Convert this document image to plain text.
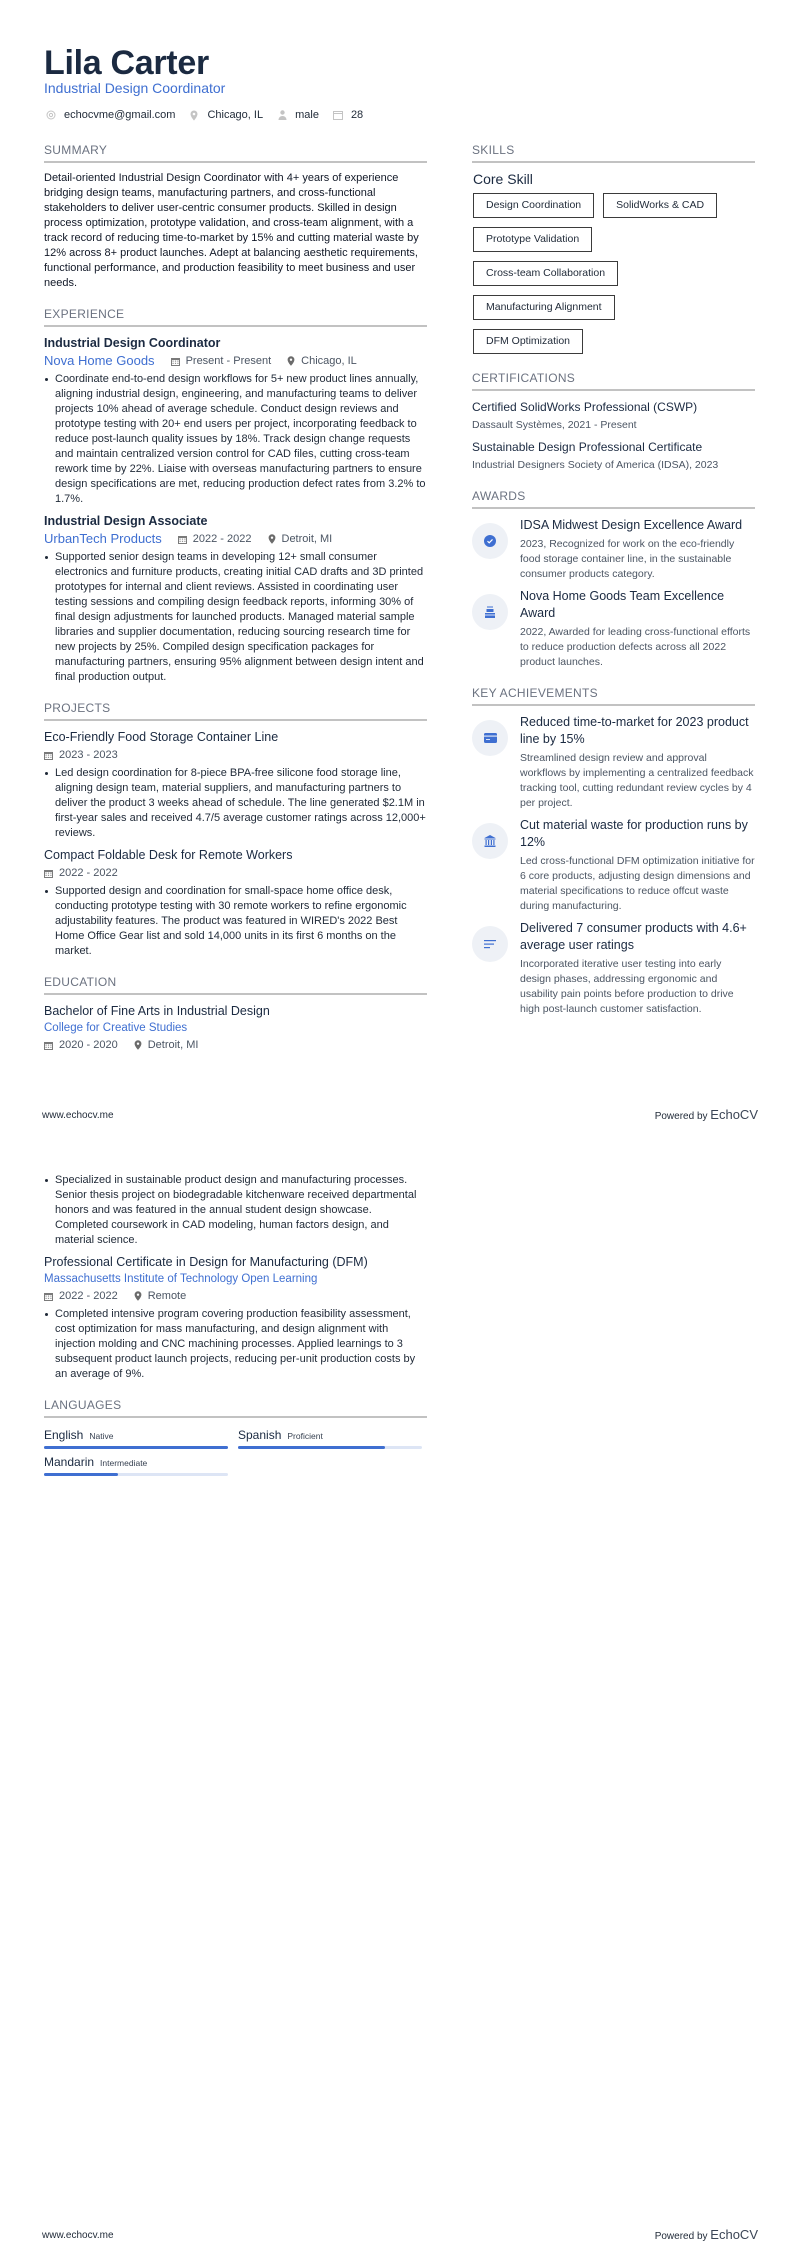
Lila Carter
Industrial Design Coordinator
echocvme@gmail.com	Chicago, IL	male	28
SUMMARY

Detail-oriented Industrial Design Coordinator with 4+ years of experience bridging design teams, manufacturing partners, and cross-functional stakeholders to deliver user-centric consumer products. Skilled in design process optimization, prototype validation, and cross-team alignment, with a track record of reducing time-to-market by 15% and cutting material waste by 12% across 8+ product launches. Adept at balancing aesthetic requirements, functional performance, and production feasibility to meet business and user needs.

EXPERIENCE
Industrial Design Coordinator
Nova Home Goods	Present - Present	Chicago, IL
Coordinate end-to-end design workflows for 5+ new product lines annually, aligning industrial design, engineering, and manufacturing teams to deliver projects 10% ahead of average schedule. Conduct design reviews and prototype testing with 20+ end users per project, incorporating feedback to reduce post-launch quality issues by 18%. Track design change requests and maintain centralized version control for CAD files, cutting cross-team rework time by 22%. Liaise with overseas manufacturing partners to ensure design specifications are met, reducing production defect rates from 3.2% to 1.7%.
Industrial Design Associate
UrbanTech Products	2022 - 2022	Detroit, MI
Supported senior design teams in developing 12+ small consumer electronics and furniture products, creating initial CAD drafts and 3D printed prototypes for internal and client reviews. Assisted in coordinating user testing sessions and compiling design feedback reports, informing 30% of final design adjustments for launched products. Managed material sample libraries and supplier documentation, reducing sourcing research time for new projects by 25%. Compiled design specification packages for manufacturing partners, ensuring 95% alignment between design intent and final production output.
PROJECTS
Eco-Friendly Food Storage Container Line
2023 - 2023
Led design coordination for 8-piece BPA-free silicone food storage line, aligning design team, material suppliers, and manufacturing partners to deliver the product 3 weeks ahead of schedule. The line generated $2.1M in first-year sales and received 4.7/5 average customer ratings across 12,000+ reviews.
Compact Foldable Desk for Remote Workers
2022 - 2022
Supported design and coordination for small-space home office desk, conducting prototype testing with 30 remote workers to refine ergonomic adjustability features. The product was featured in WIRED's 2022 Best Home Office Gear list and sold 14,000 units in its first 6 months on the market.
EDUCATION
Bachelor of Fine Arts in Industrial Design
College for Creative Studies
2020 - 2020	Detroit, MI
SKILLS
Core Skill
Design Coordination	SolidWorks & CAD
Prototype Validation
Cross-team Collaboration
Manufacturing Alignment
DFM Optimization
CERTIFICATIONS
Certified SolidWorks Professional (CSWP)
Dassault Systèmes, 2021 - Present
Sustainable Design Professional Certificate
Industrial Designers Society of America (IDSA), 2023
AWARDS
IDSA Midwest Design Excellence Award
2023, Recognized for work on the eco-friendly food storage container line, in the sustainable consumer products category.
Nova Home Goods Team Excellence Award
2022, Awarded for leading cross-functional efforts to reduce production defects across all 2022 product launches.
KEY ACHIEVEMENTS
Reduced time-to-market for 2023 product line by 15%
Streamlined design review and approval workflows by implementing a centralized feedback tracking tool, cutting redundant review cycles by 4 per project.
Cut material waste for production runs by 12%
Led cross-functional DFM optimization initiative for 6 core products, adjusting design dimensions and material specifications to reduce offcut waste during manufacturing.
Delivered 7 consumer products with 4.6+ average user ratings
Incorporated iterative user testing into early design phases, addressing ergonomic and usability pain points before production to drive high post-launch customer satisfaction.
www.echocv.me	Powered by EchoCV
Specialized in sustainable product design and manufacturing processes. Senior thesis project on biodegradable kitchenware received departmental honors and was featured in the annual student design showcase. Completed coursework in CAD modeling, human factors design, and material science.
Professional Certificate in Design for Manufacturing (DFM)
Massachusetts Institute of Technology Open Learning
2022 - 2022	Remote
Completed intensive program covering production feasibility assessment, cost optimization for mass manufacturing, and design alignment with injection molding and CNC machining processes. Applied learnings to 3 subsequent product launch projects, reducing per-unit production costs by an average of 9%.
LANGUAGES
English Native	Spanish Proficient
Mandarin Intermediate
www.echocv.me	Powered by EchoCV
